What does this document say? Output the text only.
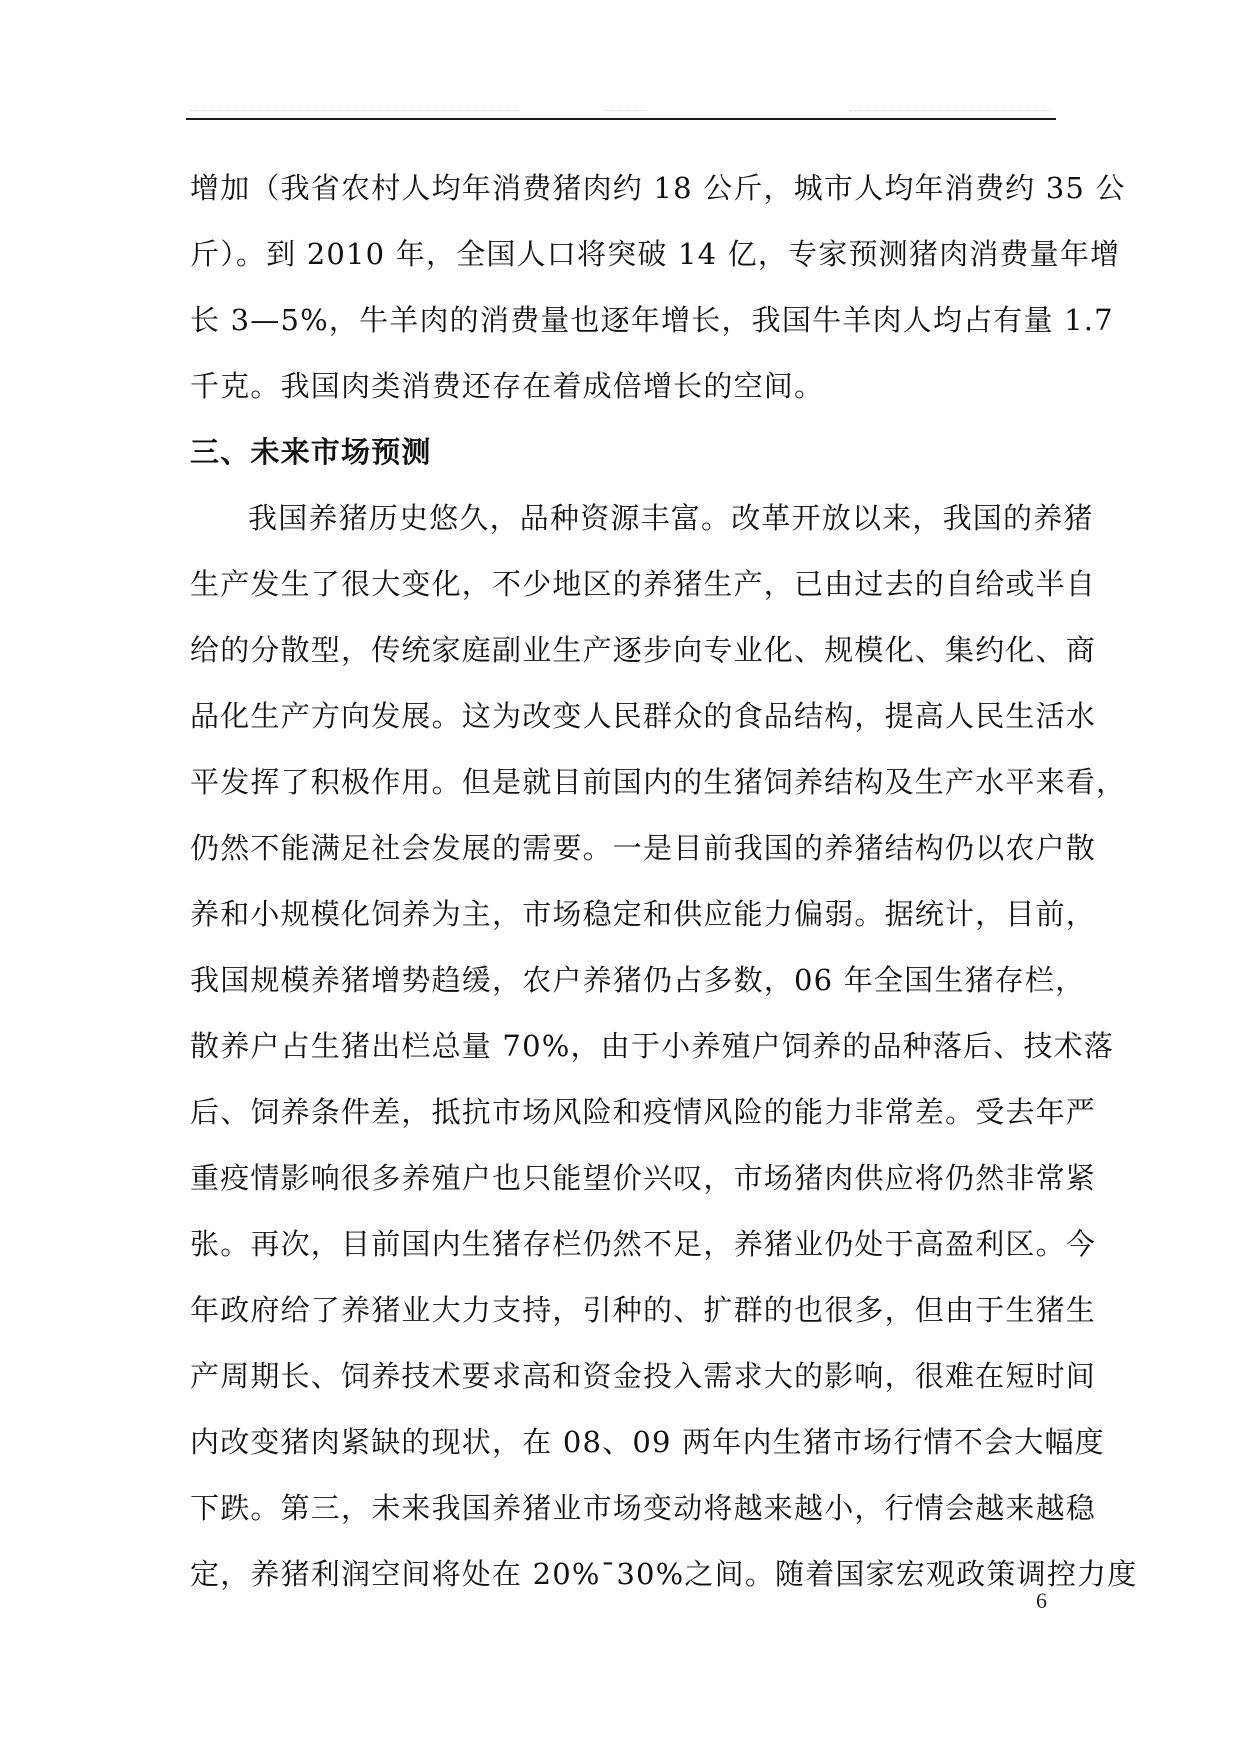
增加（我省农村人均年消费猪肉约 18 公斤，城市人均年消费约 35 公
斤）。到 2010 年，全国人口将突破 14 亿，专家预测猪肉消费量年增
长 3—5%，牛羊肉的消费量也逐年增长，我国牛羊肉人均占有量 1.7
千克。我国肉类消费还存在着成倍增长的空间。
三、未来市场预测
我国养猪历史悠久，品种资源丰富。改革开放以来，我国的养猪
生产发生了很大变化，不少地区的养猪生产，已由过去的自给或半自
给的分散型，传统家庭副业生产逐步向专业化、规模化、集约化、商
品化生产方向发展。这为改变人民群众的食品结构，提高人民生活水
平发挥了积极作用。但是就目前国内的生猪饲养结构及生产水平来看，
仍然不能满足社会发展的需要。一是目前我国的养猪结构仍以农户散
养和小规模化饲养为主，市场稳定和供应能力偏弱。据统计，目前，
我国规模养猪增势趋缓，农户养猪仍占多数，06 年全国生猪存栏，
散养户占生猪出栏总量 70%，由于小养殖户饲养的品种落后、技术落
后、饲养条件差，抵抗市场风险和疫情风险的能力非常差。受去年严
重疫情影响很多养殖户也只能望价兴叹，市场猪肉供应将仍然非常紧
张。再次，目前国内生猪存栏仍然不足，养猪业仍处于高盈利区。今
年政府给了养猪业大力支持，引种的、扩群的也很多，但由于生猪生
产周期长、饲养技术要求高和资金投入需求大的影响，很难在短时间
内改变猪肉紧缺的现状，在 08、09 两年内生猪市场行情不会大幅度
下跌。第三，未来我国养猪业市场变动将越来越小，行情会越来越稳
定，养猪利润空间将处在 20%¯30%之间。随着国家宏观政策调控力度
6
